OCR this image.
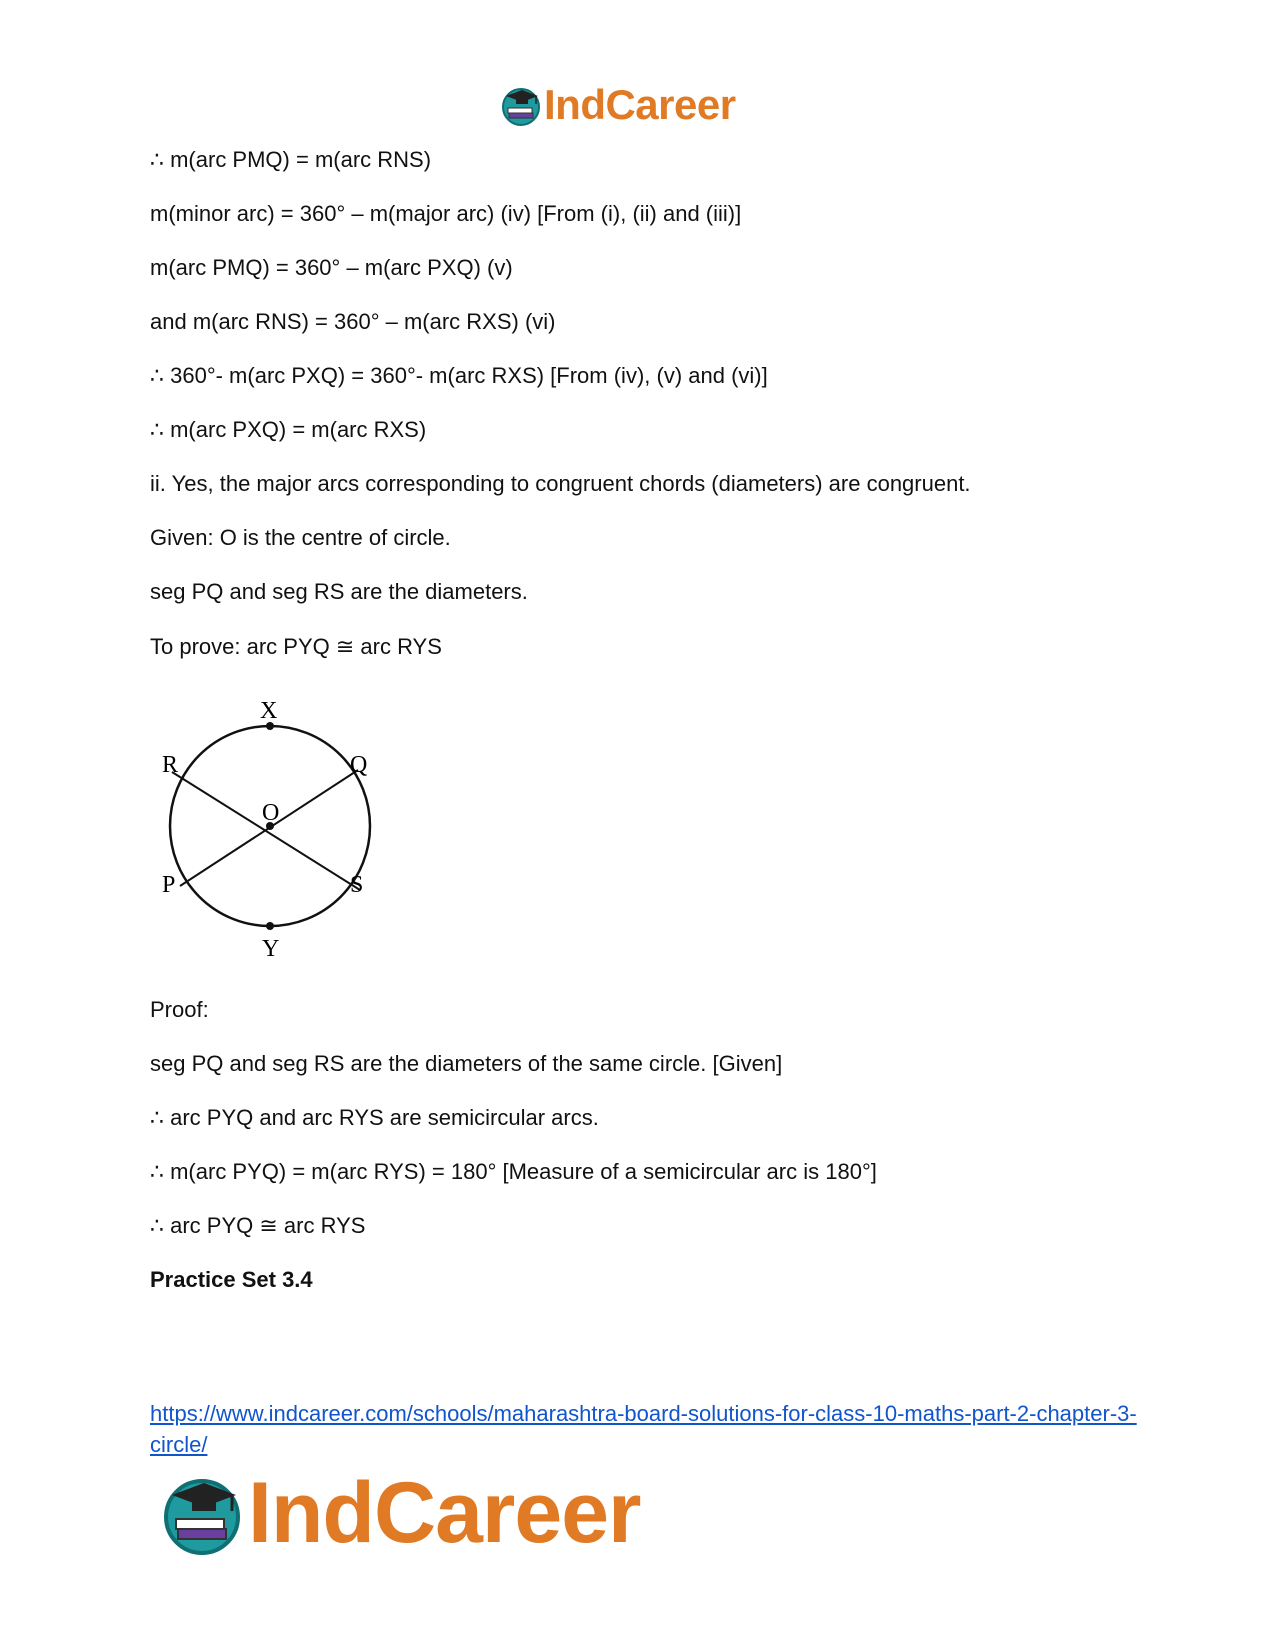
IndCareer

∴ m(arc PMQ) = m(arc RNS)

m(minor arc) = 360° – m(major arc) (iv) [From (i), (ii) and (iii)]

m(arc PMQ) = 360° – m(arc PXQ) (v)

and m(arc RNS) = 360° – m(arc RXS) (vi)

∴ 360°- m(arc PXQ) = 360°- m(arc RXS) [From (iv), (v) and (vi)]

∴ m(arc PXQ) = m(arc RXS)

ii. Yes, the major arcs corresponding to congruent chords (diameters) are congruent.

Given: O is the centre of circle.

seg PQ and seg RS are the diameters.

To prove: arc PYQ ≅ arc RYS

X
Y
O
R	Q
P	S

Proof:

seg PQ and seg RS are the diameters of the same circle. [Given]

∴ arc PYQ and arc RYS are semicircular arcs.

∴ m(arc PYQ) = m(arc RYS) = 180° [Measure of a semicircular arc is 180°]

∴ arc PYQ ≅ arc RYS

Practice Set 3.4

https://www.indcareer.com/schools/maharashtra-board-solutions-for-class-10-maths-part-2-chapter-3-circle/
IndCareer
